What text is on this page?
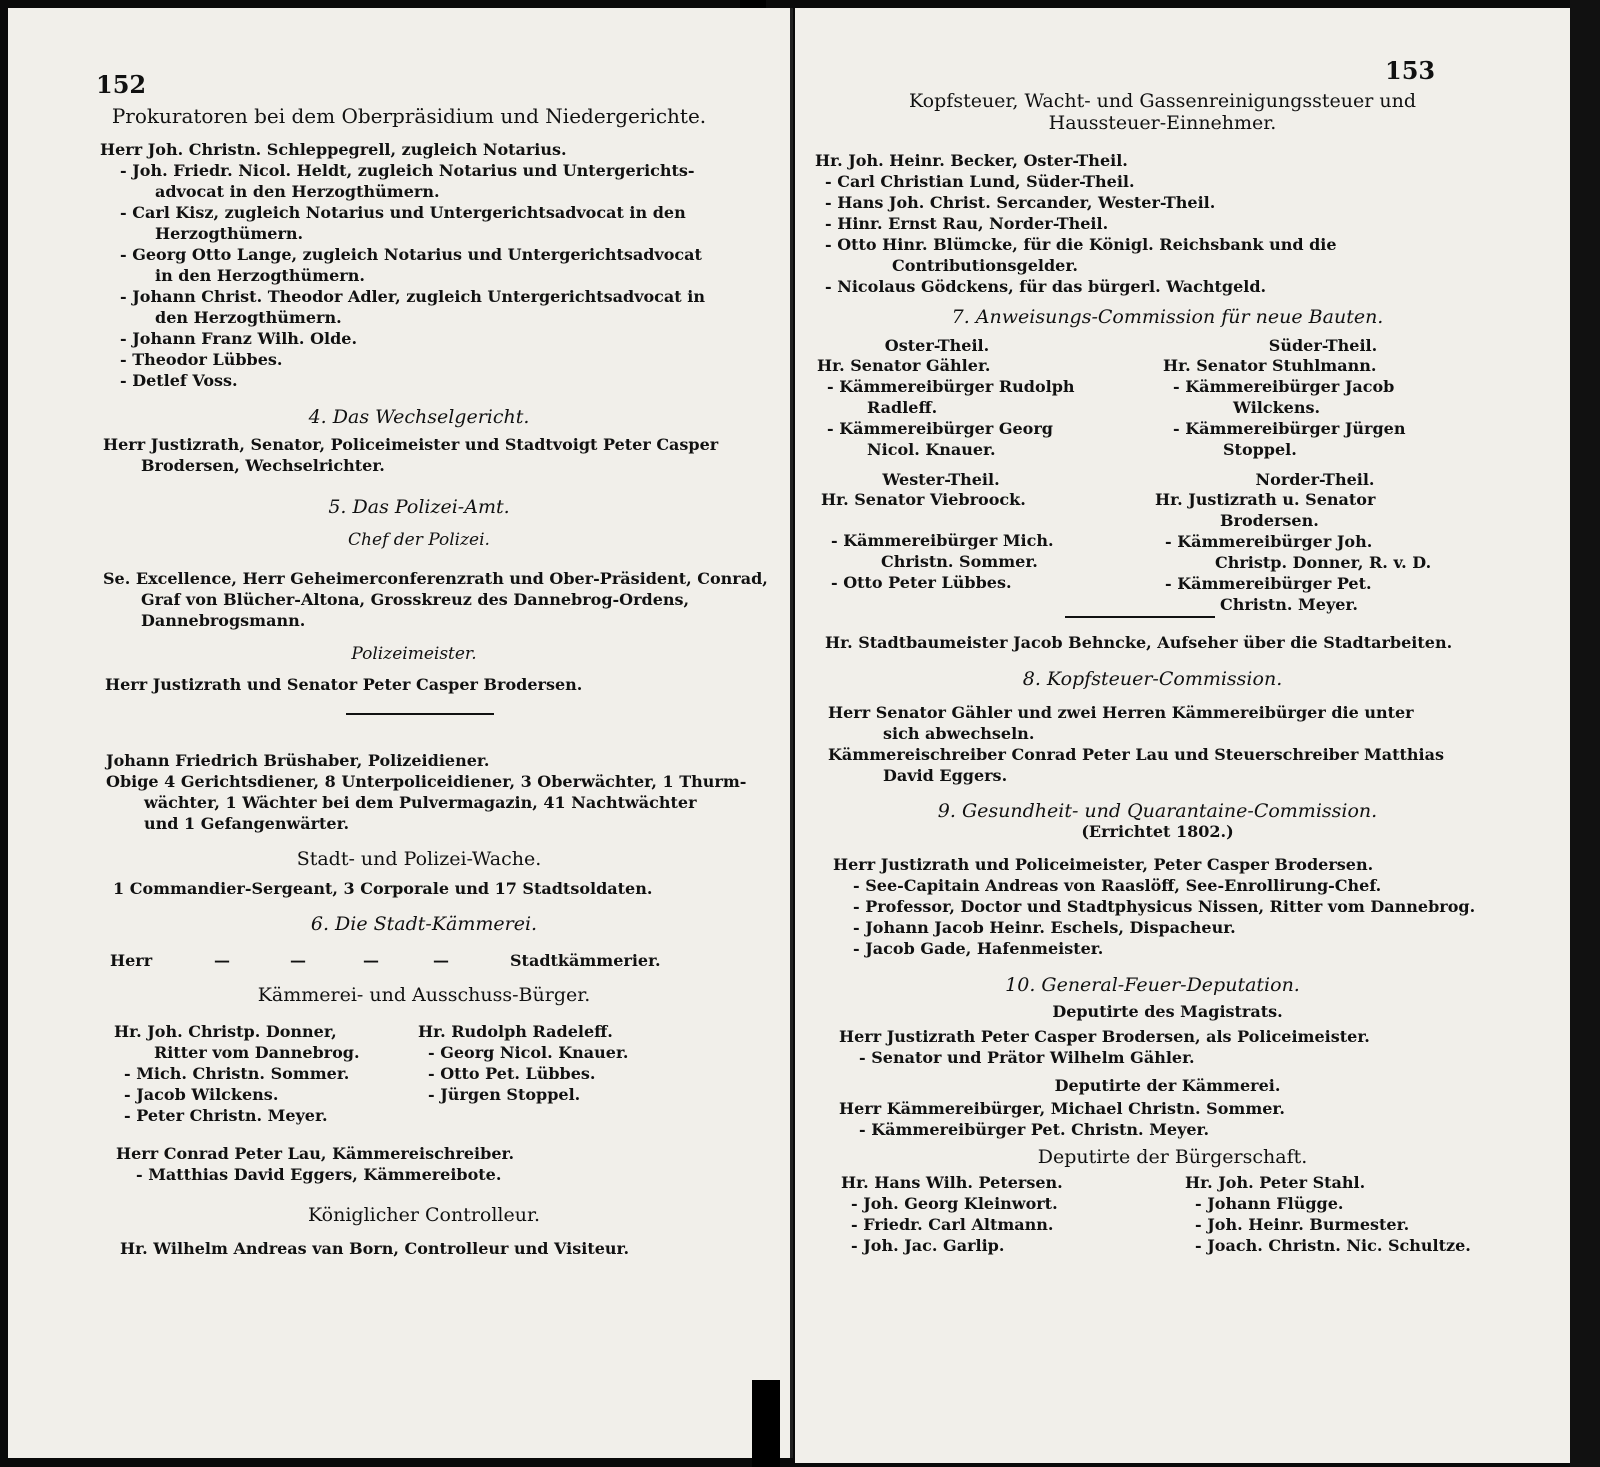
152
Prokuratoren bei dem Oberpräsidium und Niedergerichte.
Herr Joh. Christn. Schleppegrell, zugleich Notarius.
- Joh. Friedr. Nicol. Heldt, zugleich Notarius und Untergerichts-
advocat in den Herzogthümern.
- Carl Kisz, zugleich Notarius und Untergerichtsadvocat in den
Herzogthümern.
- Georg Otto Lange, zugleich Notarius und Untergerichtsadvocat
in den Herzogthümern.
- Johann Christ. Theodor Adler, zugleich Untergerichtsadvocat in
den Herzogthümern.
- Johann Franz Wilh. Olde.
- Theodor Lübbes.
- Detlef Voss.
4. Das Wechselgericht.
Herr Justizrath, Senator, Policeimeister und Stadtvoigt Peter Casper
Brodersen, Wechselrichter.
5. Das Polizei-Amt.
Chef der Polizei.
Se. Excellence, Herr Geheimerconferenzrath und Ober-Präsident, Conrad,
Graf von Blücher-Altona, Grosskreuz des Dannebrog-Ordens,
Dannebrogsmann.
Polizeimeister.
Herr Justizrath und Senator Peter Casper Brodersen.
Johann Friedrich Brüshaber, Polizeidiener.
Obige 4 Gerichtsdiener, 8 Unterpoliceidiener, 3 Oberwächter, 1 Thurm-
wächter, 1 Wächter bei dem Pulvermagazin, 41 Nachtwächter
und 1 Gefangenwärter.
Stadt- und Polizei-Wache.
1 Commandier-Sergeant, 3 Corporale und 17 Stadtsoldaten.
6. Die Stadt-Kämmerei.
Herr	—	—	—	—	Stadtkämmerier.
Kämmerei- und Ausschuss-Bürger.
Hr. Joh. Christp. Donner,
Ritter vom Dannebrog.
- Mich. Christn. Sommer.
- Jacob Wilckens.
- Peter Christn. Meyer.
Hr. Rudolph Radeleff.
- Georg Nicol. Knauer.
- Otto Pet. Lübbes.
- Jürgen Stoppel.
Herr Conrad Peter Lau, Kämmereischreiber.
- Matthias David Eggers, Kämmereibote.
Königlicher Controlleur.
Hr. Wilhelm Andreas van Born, Controlleur und Visiteur.
153
Kopfsteuer, Wacht- und Gassenreinigungssteuer und
Haussteuer-Einnehmer.
Hr. Joh. Heinr. Becker, Oster-Theil.
- Carl Christian Lund, Süder-Theil.
- Hans Joh. Christ. Sercander, Wester-Theil.
- Hinr. Ernst Rau, Norder-Theil.
- Otto Hinr. Blümcke, für die Königl. Reichsbank und die
Contributionsgelder.
- Nicolaus Gödckens, für das bürgerl. Wachtgeld.
7. Anweisungs-Commission für neue Bauten.
Oster-Theil.
Hr. Senator Gähler.
- Kämmereibürger Rudolph
Radleff.
- Kämmereibürger Georg
Nicol. Knauer.
Süder-Theil.
Hr. Senator Stuhlmann.
- Kämmereibürger Jacob
Wilckens.
- Kämmereibürger Jürgen
Stoppel.
Wester-Theil.
Hr. Senator Viebroock.
- Kämmereibürger Mich.
Christn. Sommer.
- Otto Peter Lübbes.
Norder-Theil.
Hr. Justizrath u. Senator
Brodersen.
- Kämmereibürger Joh.
Christp. Donner, R. v. D.
- Kämmereibürger Pet.
Christn. Meyer.
Hr. Stadtbaumeister Jacob Behncke, Aufseher über die Stadtarbeiten.
8. Kopfsteuer-Commission.
Herr Senator Gähler und zwei Herren Kämmereibürger die unter
sich abwechseln.
Kämmereischreiber Conrad Peter Lau und Steuerschreiber Matthias
David Eggers.
9. Gesundheit- und Quarantaine-Commission.
(Errichtet 1802.)
Herr Justizrath und Policeimeister, Peter Casper Brodersen.
- See-Capitain Andreas von Raaslöff, See-Enrollirung-Chef.
- Professor, Doctor und Stadtphysicus Nissen, Ritter vom Dannebrog.
- Johann Jacob Heinr. Eschels, Dispacheur.
- Jacob Gade, Hafenmeister.
10. General-Feuer-Deputation.
Deputirte des Magistrats.
Herr Justizrath Peter Casper Brodersen, als Policeimeister.
- Senator und Prätor Wilhelm Gähler.
Deputirte der Kämmerei.
Herr Kämmereibürger, Michael Christn. Sommer.
- Kämmereibürger Pet. Christn. Meyer.
Deputirte der Bürgerschaft.
Hr. Hans Wilh. Petersen.
- Joh. Georg Kleinwort.
- Friedr. Carl Altmann.
- Joh. Jac. Garlip.
Hr. Joh. Peter Stahl.
- Johann Flügge.
- Joh. Heinr. Burmester.
- Joach. Christn. Nic. Schultze.
